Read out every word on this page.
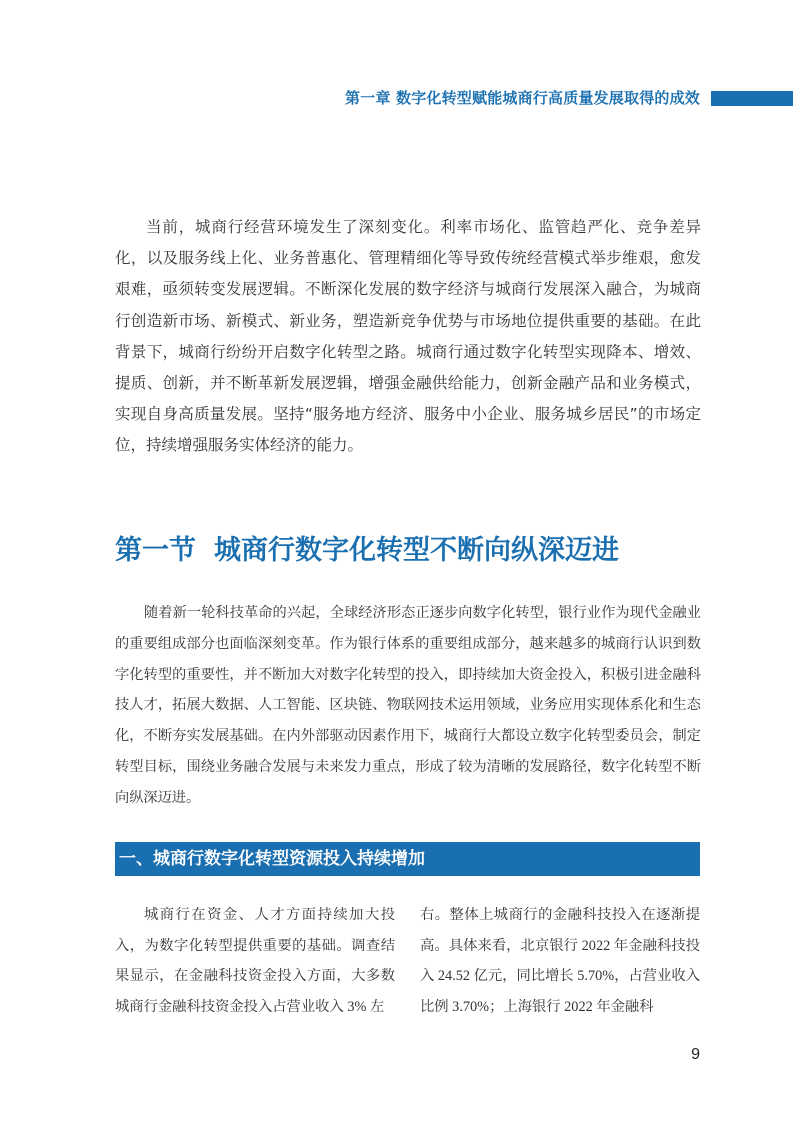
第一章 数字化转型赋能城商行高质量发展取得的成效

当前，城商行经营环境发生了深刻变化。利率市场化、监管趋严化、竞争差异化，以及服务线上化、业务普惠化、管理精细化等导致传统经营模式举步维艰，愈发艰难，亟须转变发展逻辑。不断深化发展的数字经济与城商行发展深入融合，为城商行创造新市场、新模式、新业务，塑造新竞争优势与市场地位提供重要的基础。在此背景下，城商行纷纷开启数字化转型之路。城商行通过数字化转型实现降本、增效、提质、创新，并不断革新发展逻辑，增强金融供给能力，创新金融产品和业务模式，实现自身高质量发展。坚持“服务地方经济、服务中小企业、服务城乡居民”的市场定位，持续增强服务实体经济的能力。

第一节 城商行数字化转型不断向纵深迈进

随着新一轮科技革命的兴起，全球经济形态正逐步向数字化转型，银行业作为现代金融业的重要组成部分也面临深刻变革。作为银行体系的重要组成部分，越来越多的城商行认识到数字化转型的重要性，并不断加大对数字化转型的投入，即持续加大资金投入，积极引进金融科技人才，拓展大数据、人工智能、区块链、物联网技术运用领域，业务应用实现体系化和生态化，不断夯实发展基础。在内外部驱动因素作用下，城商行大都设立数字化转型委员会，制定转型目标，围绕业务融合发展与未来发力重点，形成了较为清晰的发展路径，数字化转型不断向纵深迈进。

一、城商行数字化转型资源投入持续增加

城商行在资金、人才方面持续加大投入，为数字化转型提供重要的基础。调查结果显示，在金融科技资金投入方面，大多数城商行金融科技资金投入占营业收入 3% 左

右。整体上城商行的金融科技投入在逐渐提高。具体来看，北京银行 2022 年金融科技投入 24.52 亿元，同比增长 5.70%，占营业收入比例 3.70%；上海银行 2022 年金融科

9
